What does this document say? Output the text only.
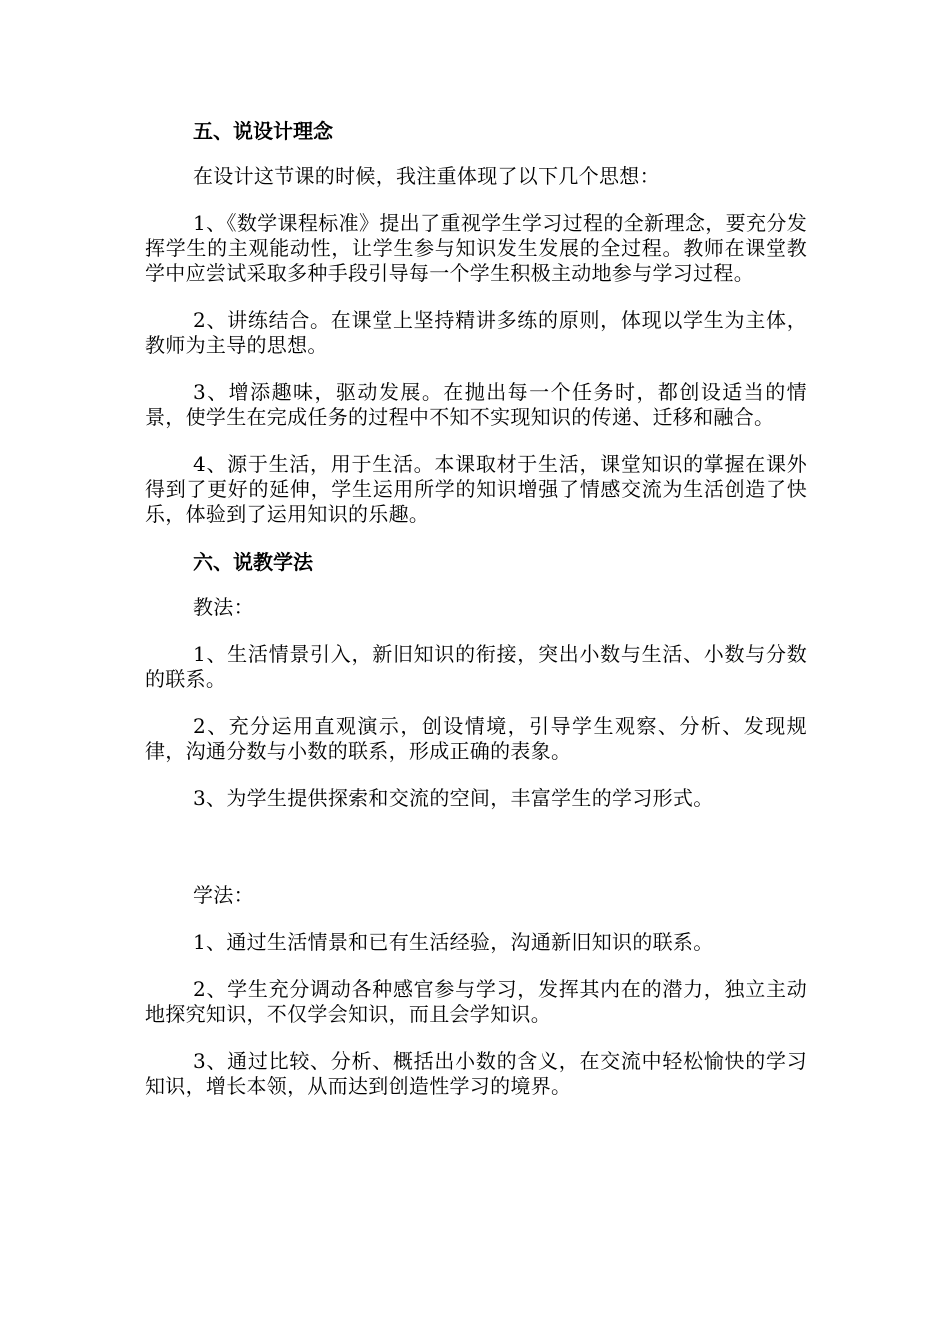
五、说设计理念

在设计这节课的时候，我注重体现了以下几个思想：

1、《数学课程标准》提出了重视学生学习过程的全新理念，要充分发挥学生的主观能动性，让学生参与知识发生发展的全过程。教师在课堂教学中应尝试采取多种手段引导每一个学生积极主动地参与学习过程。

2、讲练结合。在课堂上坚持精讲多练的原则，体现以学生为主体，教师为主导的思想。

3、增添趣味，驱动发展。在抛出每一个任务时，都创设适当的情景，使学生在完成任务的过程中不知不实现知识的传递、迁移和融合。

4、源于生活，用于生活。本课取材于生活，课堂知识的掌握在课外得到了更好的延伸，学生运用所学的知识增强了情感交流为生活创造了快乐，体验到了运用知识的乐趣。

六、说教学法

教法：

1、生活情景引入，新旧知识的衔接，突出小数与生活、小数与分数的联系。

2、充分运用直观演示，创设情境，引导学生观察、分析、发现规律，沟通分数与小数的联系，形成正确的表象。

3、为学生提供探索和交流的空间，丰富学生的学习形式。

学法：

1、通过生活情景和已有生活经验，沟通新旧知识的联系。

2、学生充分调动各种感官参与学习，发挥其内在的潜力，独立主动地探究知识，不仅学会知识，而且会学知识。

3、通过比较、分析、概括出小数的含义，在交流中轻松愉快的学习知识，增长本领，从而达到创造性学习的境界。
